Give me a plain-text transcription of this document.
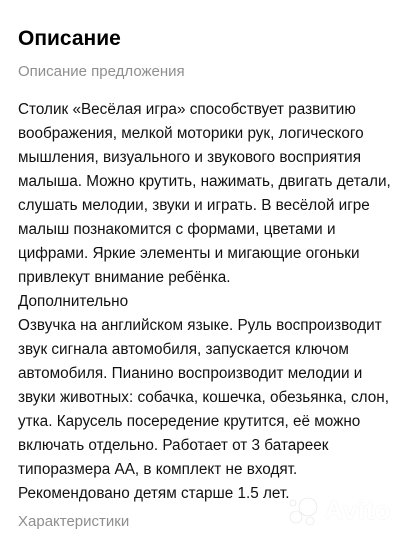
Описание
Описание предложения
Столик «Весёлая игра» способствует развитию
воображения, мелкой моторики рук, логического
мышления, визуального и звукового восприятия
малыша. Можно крутить, нажимать, двигать детали,
слушать мелодии, звуки и играть. В весёлой игре
малыш познакомится с формами, цветами и
цифрами. Яркие элементы и мигающие огоньки
привлекут внимание ребёнка.
Дополнительно
Озвучка на английском языке. Руль воспроизводит
звук сигнала автомобиля, запускается ключом
автомобиля. Пианино воспроизводит мелодии и
звуки животных: собачка, кошечка, обезьянка, слон,
утка. Карусель посередение крутится, её можно
включать отдельно. Работает от 3 батареек
типоразмера АА, в комплект не входят.
Рекомендовано детям старше 1.5 лет.
Характеристики	Avito
